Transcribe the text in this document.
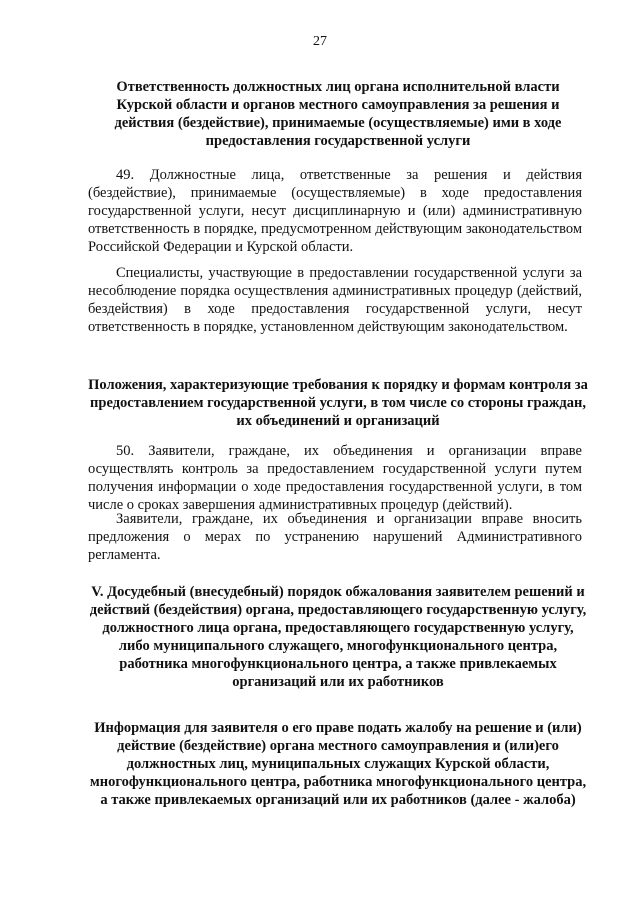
27
Ответственность должностных лиц органа исполнительной власти Курской области и органов местного самоуправления за решения и действия (бездействие), принимаемые (осуществляемые) ими в ходе предоставления государственной услуги

49. Должностные лица, ответственные за решения и действия (бездействие), принимаемые (осуществляемые) в ходе предоставления государственной услуги, несут дисциплинарную и (или) административную ответственность в порядке, предусмотренном действующим законодательством Российской Федерации и Курской области.

Специалисты, участвующие в предоставлении государственной услуги за несоблюдение порядка осуществления административных процедур (действий, бездействия) в ходе предоставления государственной услуги, несут ответственность в порядке, установленном действующим законодательством.

Положения, характеризующие требования к порядку и формам контроля за предоставлением государственной услуги, в том числе со стороны граждан, их объединений и организаций

50. Заявители, граждане, их объединения и организации вправе осуществлять контроль за предоставлением государственной услуги путем получения информации о ходе предоставления государственной услуги, в том числе о сроках завершения административных процедур (действий).

Заявители, граждане, их объединения и организации вправе вносить предложения о мерах по устранению нарушений Административного регламента.

V. Досудебный (внесудебный) порядок обжалования заявителем решений и действий (бездействия) органа, предоставляющего государственную услугу, должностного лица органа, предоставляющего государственную услугу, либо муниципального служащего, многофункционального центра, работника многофункционального центра, а также привлекаемых организаций или их работников
Информация для заявителя о его праве подать жалобу на решение и (или) действие (бездействие) органа местного самоуправления и (или)его должностных лиц, муниципальных служащих Курской области, многофункционального центра, работника многофункционального центра, а также привлекаемых организаций или их работников (далее - жалоба)
